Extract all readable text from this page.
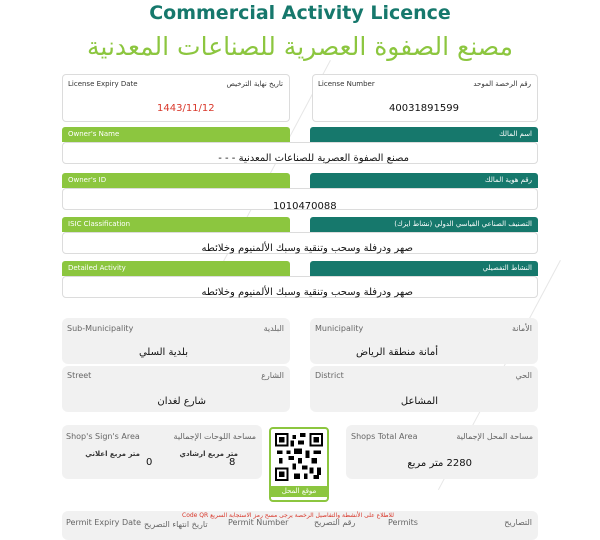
Commercial Activity Licence
مصنع الصفوة العصرية للصناعات المعدنية
License Expiry Date	تاريخ نهاية الترخيص
1443/11/12
License Number	رقم الرخصة الموحد
40031891599
Owner's Name	اسم المالك
مصنع الصفوة العصرية للصناعات المعدنية - - -
Owner's ID	رقم هوية المالك
1010470088
ISIC Classification	التصنيف الصناعي القياسي الدولي (نشاط ايزك)
صهر ودرفلة وسحب وتنقية وسبك الألمنيوم وخلائطه
Detailed Activity	النشاط التفصيلي
صهر ودرفلة وسحب وتنقية وسبك الألمنيوم وخلائطه
Sub-Municipality	البلدية
بلدية السلي
Municipality	الأمانة
أمانة منطقة الرياض
Street	الشارع
شارع لغدان
District	الحي
المشاعل
Shop's Sign's Area	مساحة اللوحات الإجمالية
متر مربع اعلاني
0
متر مربع ارشادي
8
موقع المحل
Shops Total Area	مساحة المحل الإجمالية
2280 متر مربع
Permit Expiry Date تاريخ انتهاء التصريح	Permit Number	رقم التصريح	Permits	التصاريح
للاطلاع على الأنشطة والتفاصيل الرخصة يرجى مسح رمز الاستجابة السريع Code QR
